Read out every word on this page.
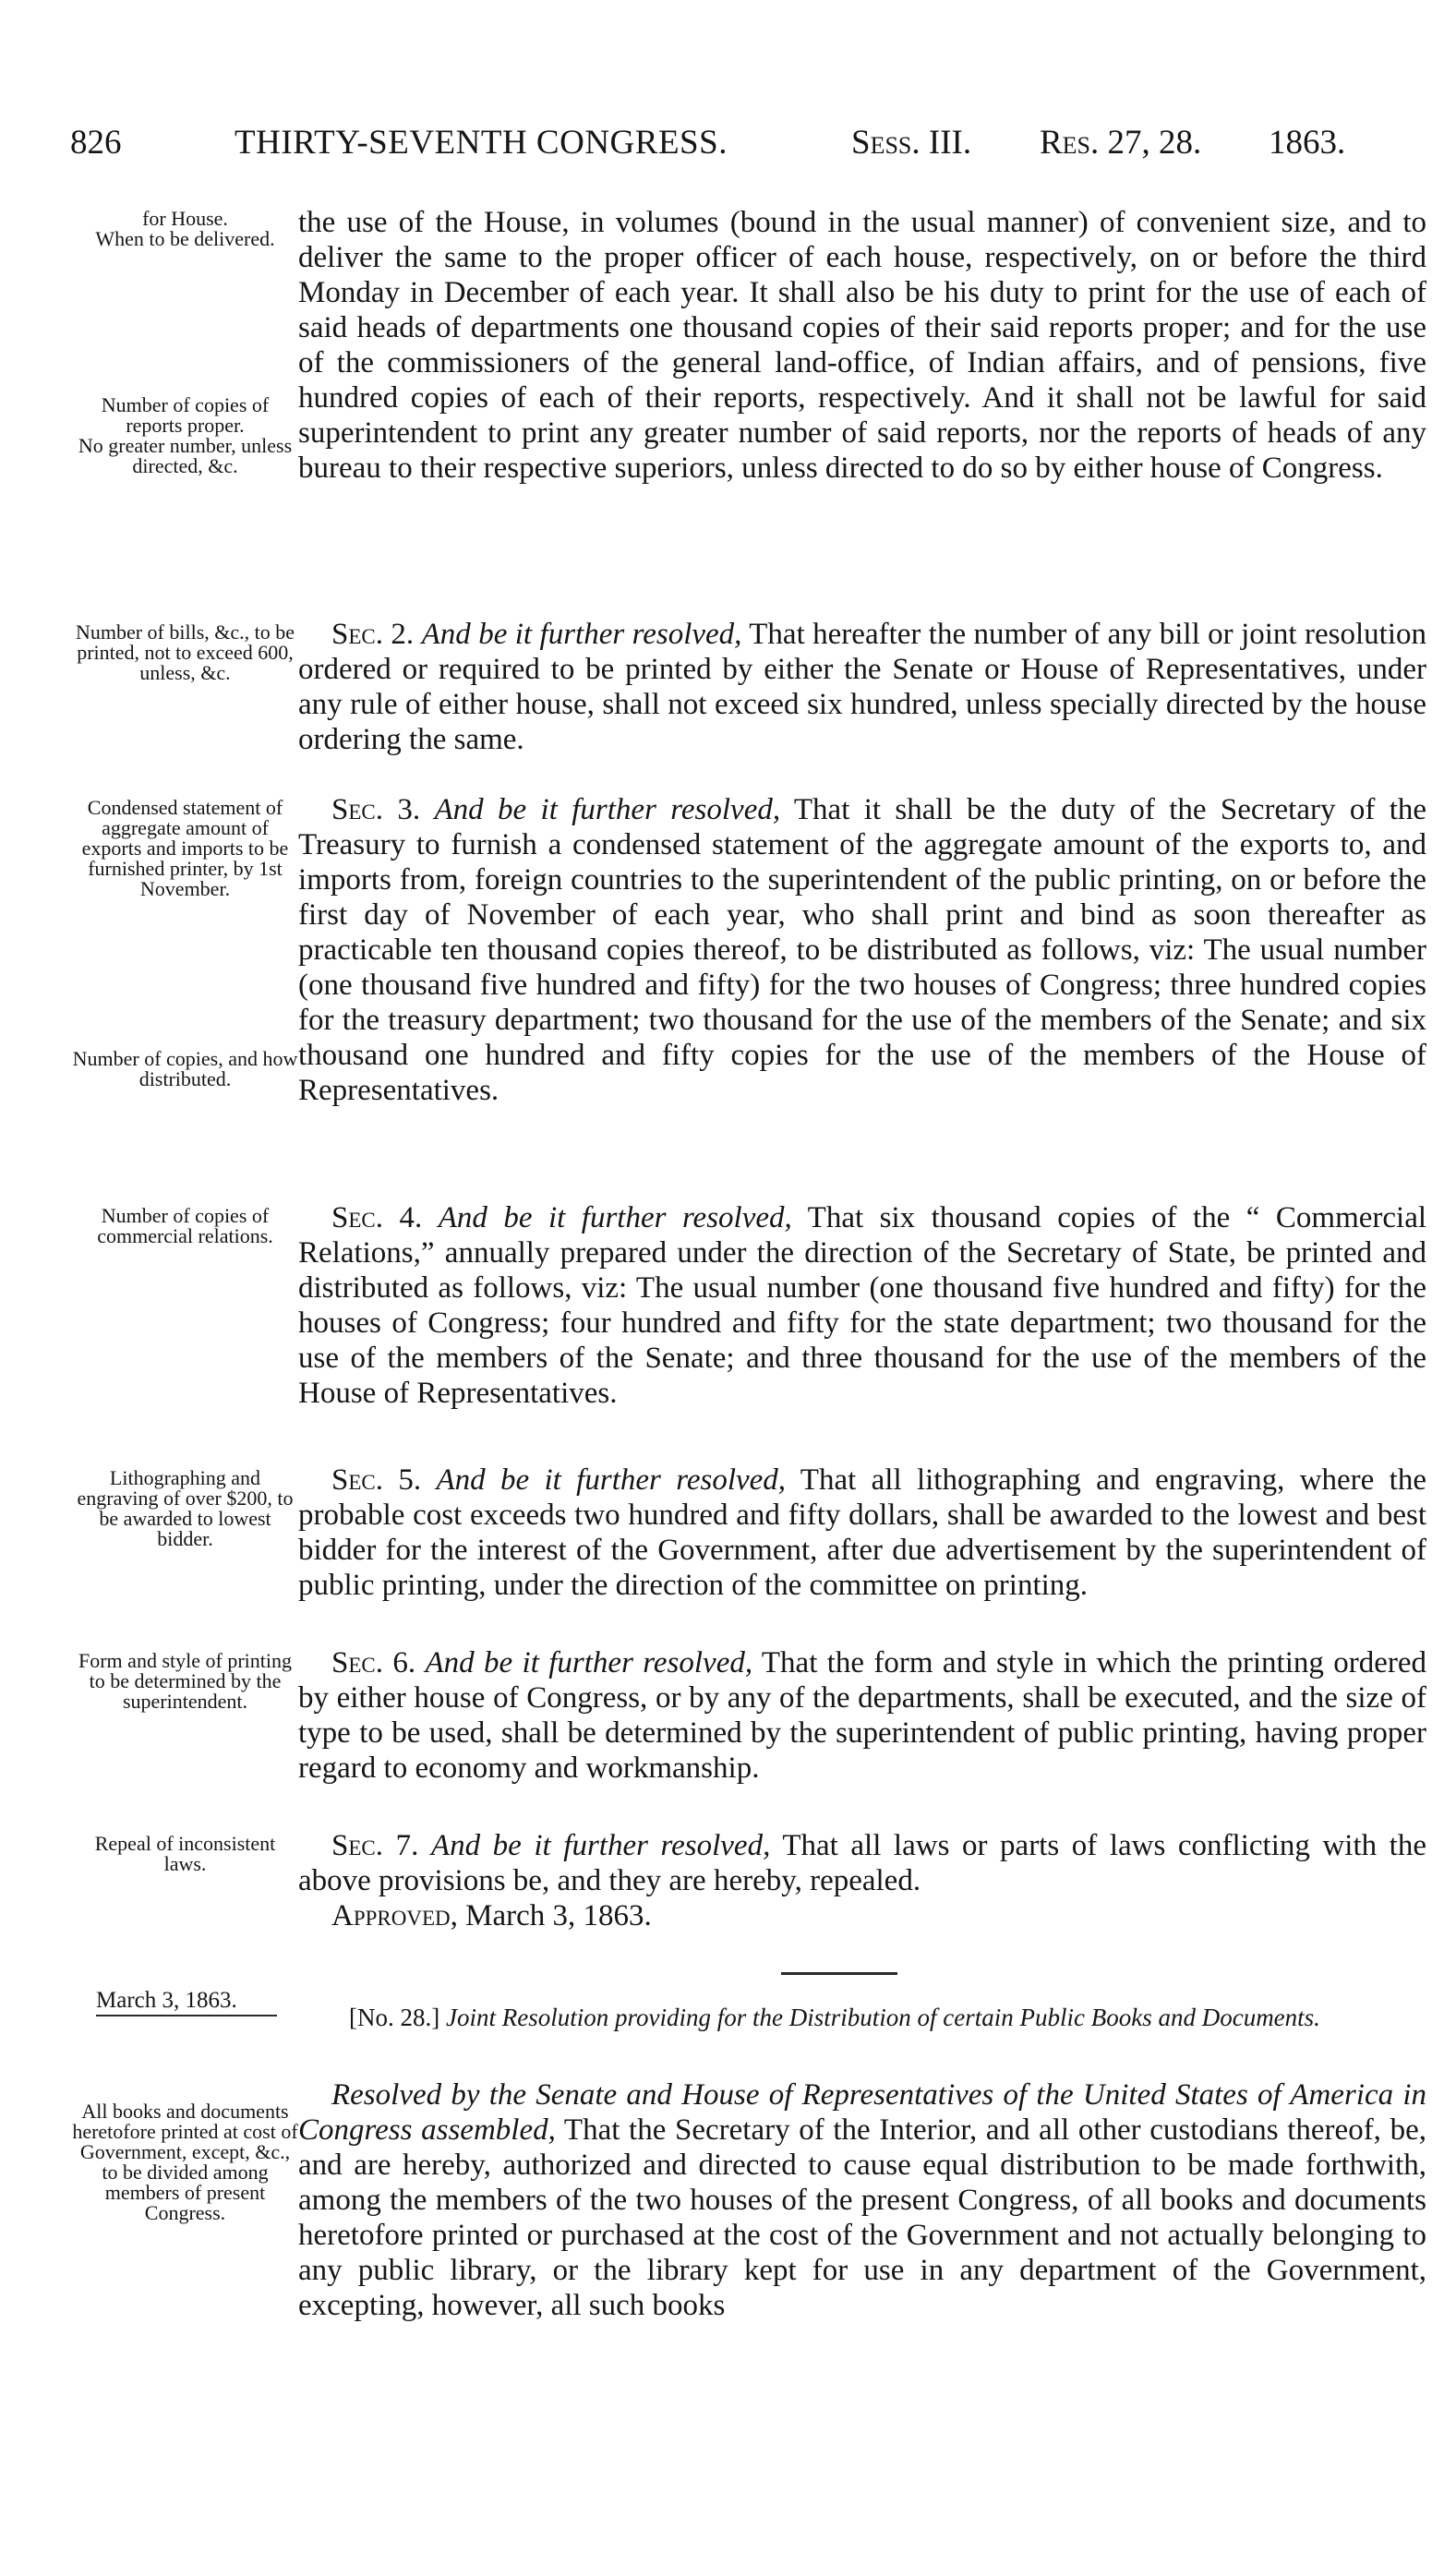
826	THIRTY-SEVENTH CONGRESS.	Sess. III. Res. 27, 28. 1863.
for House.
When to be delivered.
Number of copies of reports proper.
No greater number, unless directed, &c.
the use of the House, in volumes (bound in the usual manner) of convenient size, and to deliver the same to the proper officer of each house, respectively, on or before the third Monday in December of each year. It shall also be his duty to print for the use of each of said heads of departments one thousand copies of their said reports proper; and for the use of the commissioners of the general land-office, of Indian affairs, and of pensions, five hundred copies of each of their reports, respectively. And it shall not be lawful for said superintendent to print any greater number of said reports, nor the reports of heads of any bureau to their respective superiors, unless directed to do so by either house of Congress.
Number of bills, &c., to be printed, not to exceed 600, unless, &c.
Sec. 2. And be it further resolved, That hereafter the number of any bill or joint resolution ordered or required to be printed by either the Senate or House of Representatives, under any rule of either house, shall not exceed six hundred, unless specially directed by the house ordering the same.
Condensed statement of aggregate amount of exports and imports to be furnished printer, by 1st November.
Number of copies, and how distributed.
Sec. 3. And be it further resolved, That it shall be the duty of the Secretary of the Treasury to furnish a condensed statement of the aggregate amount of the exports to, and imports from, foreign countries to the superintendent of the public printing, on or before the first day of November of each year, who shall print and bind as soon thereafter as practicable ten thousand copies thereof, to be distributed as follows, viz: The usual number (one thousand five hundred and fifty) for the two houses of Congress; three hundred copies for the treasury department; two thousand for the use of the members of the Senate; and six thousand one hundred and fifty copies for the use of the members of the House of Representatives.
Number of copies of commercial relations.
Sec. 4. And be it further resolved, That six thousand copies of the “ Commercial Relations,” annually prepared under the direction of the Secretary of State, be printed and distributed as follows, viz: The usual number (one thousand five hundred and fifty) for the houses of Congress; four hundred and fifty for the state department; two thousand for the use of the members of the Senate; and three thousand for the use of the members of the House of Representatives.
Lithographing and engraving of over $200, to be awarded to lowest bidder.
Sec. 5. And be it further resolved, That all lithographing and engraving, where the probable cost exceeds two hundred and fifty dollars, shall be awarded to the lowest and best bidder for the interest of the Government, after due advertisement by the superintendent of public printing, under the direction of the committee on printing.
Form and style of printing to be determined by the superintendent.
Sec. 6. And be it further resolved, That the form and style in which the printing ordered by either house of Congress, or by any of the departments, shall be executed, and the size of type to be used, shall be determined by the superintendent of public printing, having proper regard to economy and workmanship.
Repeal of inconsistent laws.
Sec. 7. And be it further resolved, That all laws or parts of laws conflicting with the above provisions be, and they are hereby, repealed.

Approved, March 3, 1863.

March 3, 1863.
[No. 28.] Joint Resolution providing for the Distribution of certain Public Books and Documents.
All books and documents heretofore printed at cost of Government, except, &c., to be divided among members of present Congress.
Resolved by the Senate and House of Representatives of the United States of America in Congress assembled, That the Secretary of the Interior, and all other custodians thereof, be, and are hereby, authorized and directed to cause equal distribution to be made forthwith, among the members of the two houses of the present Congress, of all books and documents heretofore printed or purchased at the cost of the Government and not actually belonging to any public library, or the library kept for use in any department of the Government, excepting, however, all such books
